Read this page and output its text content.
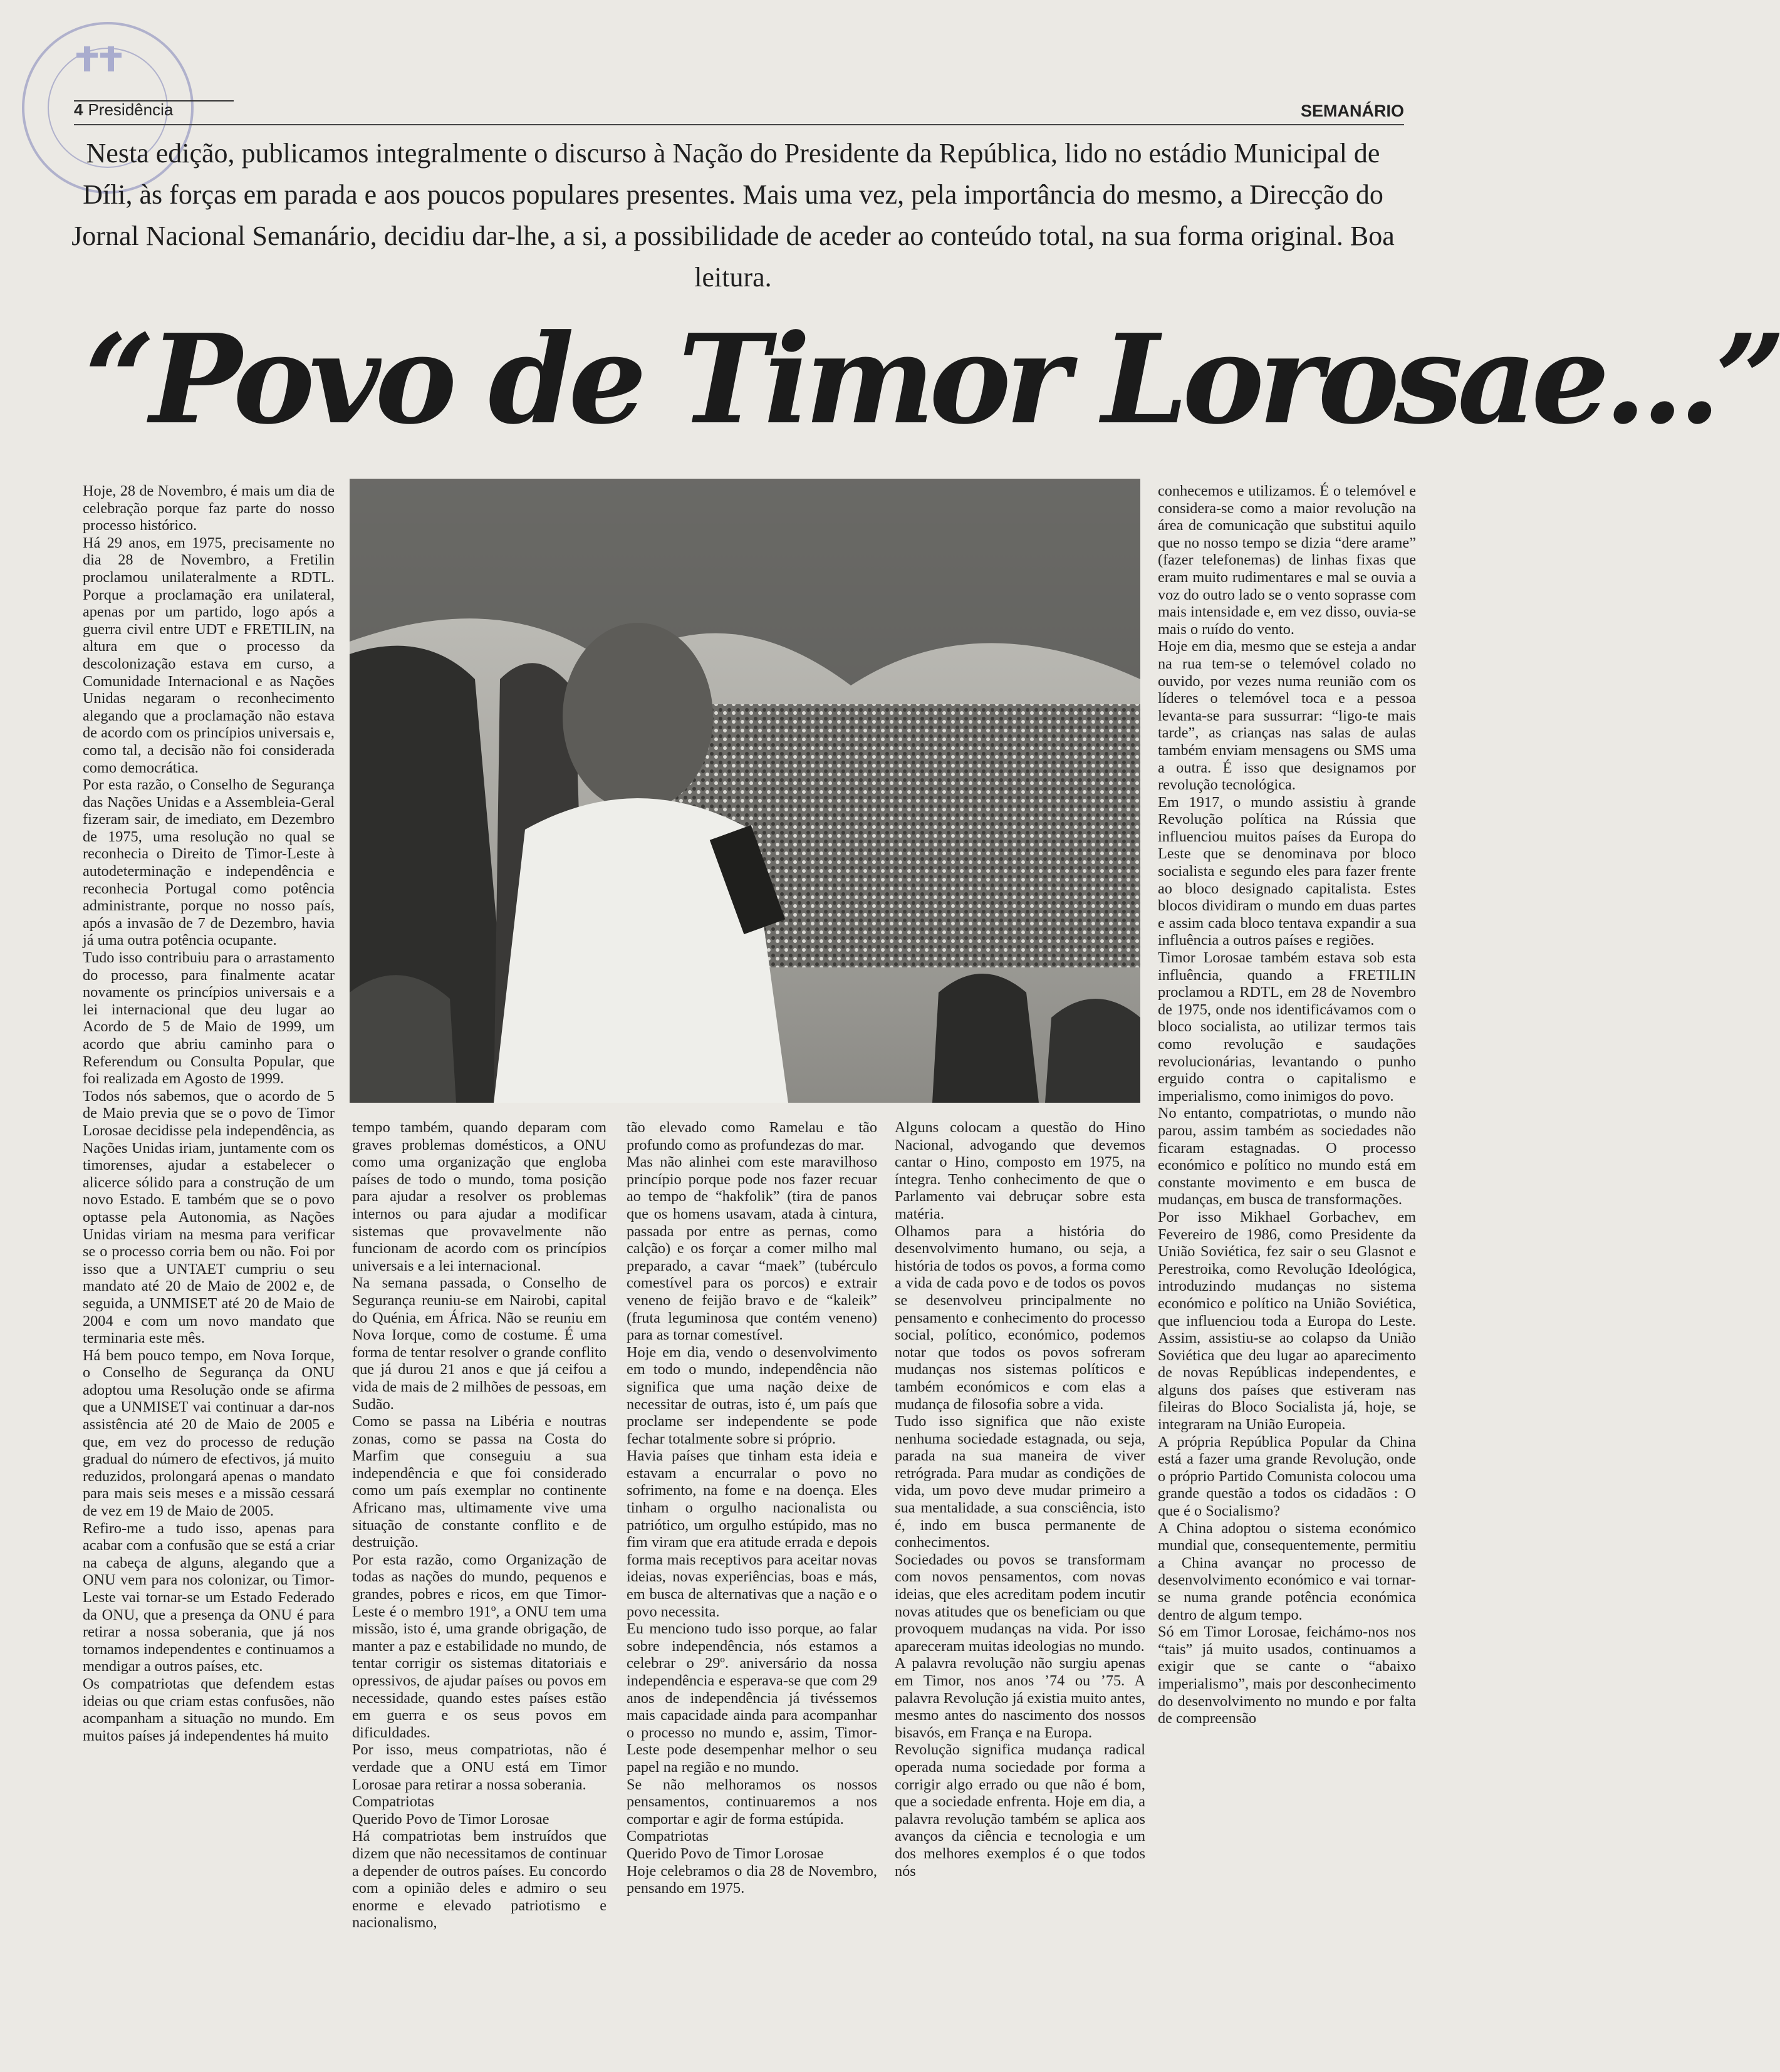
4 Presidência	SEMANÁRIO
Nesta edição, publicamos integralmente o discurso à Nação do Presidente da República, lido no estádio Municipal de Díli, às forças em parada e aos poucos populares presentes. Mais uma vez, pela importância do mesmo, a Direcção do Jornal Nacional Semanário, decidiu dar-lhe, a si, a possibilidade de aceder ao conteúdo total, na sua forma original. Boa leitura.
“Povo de Timor Lorosae...”

Hoje, 28 de Novembro, é mais um dia de celebração porque faz parte do nosso processo histórico.

Há 29 anos, em 1975, precisamente no dia 28 de Novembro, a Fretilin proclamou unilateralmente a RDTL. Porque a proclamação era unilateral, apenas por um partido, logo após a guerra civil entre UDT e FRETILIN, na altura em que o processo da descolonização estava em curso, a Comunidade Internacional e as Nações Unidas negaram o reconhecimento alegando que a proclamação não estava de acordo com os princípios universais e, como tal, a decisão não foi considerada como democrática.

Por esta razão, o Conselho de Segurança das Nações Unidas e a Assembleia-Geral fizeram sair, de imediato, em Dezembro de 1975, uma resolução no qual se reconhecia o Direito de Timor-Leste à autodeterminação e independência e reconhecia Portugal como potência administrante, porque no nosso país, após a invasão de 7 de Dezembro, havia já uma outra potência ocupante.

Tudo isso contribuiu para o arrastamento do processo, para finalmente acatar novamente os princípios universais e a lei internacional que deu lugar ao Acordo de 5 de Maio de 1999, um acordo que abriu caminho para o Referendum ou Consulta Popular, que foi realizada em Agosto de 1999.

Todos nós sabemos, que o acordo de 5 de Maio previa que se o povo de Timor Lorosae decidisse pela independência, as Nações Unidas iriam, juntamente com os timorenses, ajudar a estabelecer o alicerce sólido para a construção de um novo Estado. E também que se o povo optasse pela Autonomia, as Nações Unidas viriam na mesma para verificar se o processo corria bem ou não. Foi por isso que a UNTAET cumpriu o seu mandato até 20 de Maio de 2002 e, de seguida, a UNMISET até 20 de Maio de 2004 e com um novo mandato que terminaria este mês.

Há bem pouco tempo, em Nova Iorque, o Conselho de Segurança da ONU adoptou uma Resolução onde se afirma que a UNMISET vai continuar a dar-nos assistência até 20 de Maio de 2005 e que, em vez do processo de redução gradual do número de efectivos, já muito reduzidos, prolongará apenas o mandato para mais seis meses e a missão cessará de vez em 19 de Maio de 2005.

Refiro-me a tudo isso, apenas para acabar com a confusão que se está a criar na cabeça de alguns, alegando que a ONU vem para nos colonizar, ou Timor-Leste vai tornar-se um Estado Federado da ONU, que a presença da ONU é para retirar a nossa soberania, que já nos tornamos independentes e continuamos a mendigar a outros países, etc.

Os compatriotas que defendem estas ideias ou que criam estas confusões, não acompanham a situação no mundo. Em muitos países já independentes há muito

tempo também, quando deparam com graves problemas domésticos, a ONU como uma organização que engloba países de todo o mundo, toma posição para ajudar a resolver os problemas internos ou para ajudar a modificar sistemas que provavelmente não funcionam de acordo com os princípios universais e a lei internacional.

Na semana passada, o Conselho de Segurança reuniu-se em Nairobi, capital do Quénia, em África. Não se reuniu em Nova Iorque, como de costume. É uma forma de tentar resolver o grande conflito que já durou 21 anos e que já ceifou a vida de mais de 2 milhões de pessoas, em Sudão.

Como se passa na Libéria e noutras zonas, como se passa na Costa do Marfim que conseguiu a sua independência e que foi considerado como um país exemplar no continente Africano mas, ultimamente vive uma situação de constante conflito e de destruição.

Por esta razão, como Organização de todas as nações do mundo, pequenos e grandes, pobres e ricos, em que Timor-Leste é o membro 191º, a ONU tem uma missão, isto é, uma grande obrigação, de manter a paz e estabilidade no mundo, de tentar corrigir os sistemas ditatoriais e opressivos, de ajudar países ou povos em necessidade, quando estes países estão em guerra e os seus povos em dificuldades.

Por isso, meus compatriotas, não é verdade que a ONU está em Timor Lorosae para retirar a nossa soberania.

Compatriotas

Querido Povo de Timor Lorosae

Há compatriotas bem instruídos que dizem que não necessitamos de continuar a depender de outros países. Eu concordo com a opinião deles e admiro o seu enorme e elevado patriotismo e nacionalismo,

tão elevado como Ramelau e tão profundo como as profundezas do mar.

Mas não alinhei com este maravilhoso princípio porque pode nos fazer recuar ao tempo de “hakfolik” (tira de panos que os homens usavam, atada à cintura, passada por entre as pernas, como calção) e os forçar a comer milho mal preparado, a cavar “maek” (tubérculo comestível para os porcos) e extrair veneno de feijão bravo e de “kaleik” (fruta leguminosa que contém veneno) para as tornar comestível.

Hoje em dia, vendo o desenvolvimento em todo o mundo, independência não significa que uma nação deixe de necessitar de outras, isto é, um país que proclame ser independente se pode fechar totalmente sobre si próprio.

Havia países que tinham esta ideia e estavam a encurralar o povo no sofrimento, na fome e na doença. Eles tinham o orgulho nacionalista ou patriótico, um orgulho estúpido, mas no fim viram que era atitude errada e depois forma mais receptivos para aceitar novas ideias, novas experiências, boas e más, em busca de alternativas que a nação e o povo necessita.

Eu menciono tudo isso porque, ao falar sobre independência, nós estamos a celebrar o 29º. aniversário da nossa independência e esperava-se que com 29 anos de independência já tivéssemos mais capacidade ainda para acompanhar o processo no mundo e, assim, Timor-Leste pode desempenhar melhor o seu papel na região e no mundo.

Se não melhoramos os nossos pensamentos, continuaremos a nos comportar e agir de forma estúpida.

Compatriotas

Querido Povo de Timor Lorosae

Hoje celebramos o dia 28 de Novembro, pensando em 1975.

Alguns colocam a questão do Hino Nacional, advogando que devemos cantar o Hino, composto em 1975, na íntegra. Tenho conhecimento de que o Parlamento vai debruçar sobre esta matéria.

Olhamos para a história do desenvolvimento humano, ou seja, a história de todos os povos, a forma como a vida de cada povo e de todos os povos se desenvolveu principalmente no pensamento e conhecimento do processo social, político, económico, podemos notar que todos os povos sofreram mudanças nos sistemas políticos e também económicos e com elas a mudança de filosofia sobre a vida.

Tudo isso significa que não existe nenhuma sociedade estagnada, ou seja, parada na sua maneira de viver retrógrada. Para mudar as condições de vida, um povo deve mudar primeiro a sua mentalidade, a sua consciência, isto é, indo em busca permanente de conhecimentos.

Sociedades ou povos se transformam com novos pensamentos, com novas ideias, que eles acreditam podem incutir novas atitudes que os beneficiam ou que provoquem mudanças na vida. Por isso apareceram muitas ideologias no mundo.

A palavra revolução não surgiu apenas em Timor, nos anos ’74 ou ’75. A palavra Revolução já existia muito antes, mesmo antes do nascimento dos nossos bisavós, em França e na Europa.

Revolução significa mudança radical operada numa sociedade por forma a corrigir algo errado ou que não é bom, que a sociedade enfrenta. Hoje em dia, a palavra revolução também se aplica aos avanços da ciência e tecnologia e um dos melhores exemplos é o que todos nós

conhecemos e utilizamos. É o telemóvel e considera-se como a maior revolução na área de comunicação que substitui aquilo que no nosso tempo se dizia “dere arame” (fazer telefonemas) de linhas fixas que eram muito rudimentares e mal se ouvia a voz do outro lado se o vento soprasse com mais intensidade e, em vez disso, ouvia-se mais o ruído do vento.

Hoje em dia, mesmo que se esteja a andar na rua tem-se o telemóvel colado no ouvido, por vezes numa reunião com os líderes o telemóvel toca e a pessoa levanta-se para sussurrar: “ligo-te mais tarde”, as crianças nas salas de aulas também enviam mensagens ou SMS uma a outra. É isso que designamos por revolução tecnológica.

Em 1917, o mundo assistiu à grande Revolução política na Rússia que influenciou muitos países da Europa do Leste que se denominava por bloco socialista e segundo eles para fazer frente ao bloco designado capitalista. Estes blocos dividiram o mundo em duas partes e assim cada bloco tentava expandir a sua influência a outros países e regiões.

Timor Lorosae também estava sob esta influência, quando a FRETILIN proclamou a RDTL, em 28 de Novembro de 1975, onde nos identificávamos com o bloco socialista, ao utilizar termos tais como revolução e saudações revolucionárias, levantando o punho erguido contra o capitalismo e imperialismo, como inimigos do povo.

No entanto, compatriotas, o mundo não parou, assim também as sociedades não ficaram estagnadas. O processo económico e político no mundo está em constante movimento e em busca de mudanças, em busca de transformações.

Por isso Mikhael Gorbachev, em Fevereiro de 1986, como Presidente da União Soviética, fez sair o seu Glasnot e Perestroika, como Revolução Ideológica, introduzindo mudanças no sistema económico e político na União Soviética, que influenciou toda a Europa do Leste. Assim, assistiu-se ao colapso da União Soviética que deu lugar ao aparecimento de novas Repúblicas independentes, e alguns dos países que estiveram nas fileiras do Bloco Socialista já, hoje, se integraram na União Europeia.

A própria República Popular da China está a fazer uma grande Revolução, onde o próprio Partido Comunista colocou uma grande questão a todos os cidadãos : O que é o Socialismo?

A China adoptou o sistema económico mundial que, consequentemente, permitiu a China avançar no processo de desenvolvimento económico e vai tornar-se numa grande potência económica dentro de algum tempo.

Só em Timor Lorosae, feichámo-nos nos “tais” já muito usados, continuamos a exigir que se cante o “abaixo imperialismo”, mais por desconhecimento do desenvolvimento no mundo e por falta de compreensão
